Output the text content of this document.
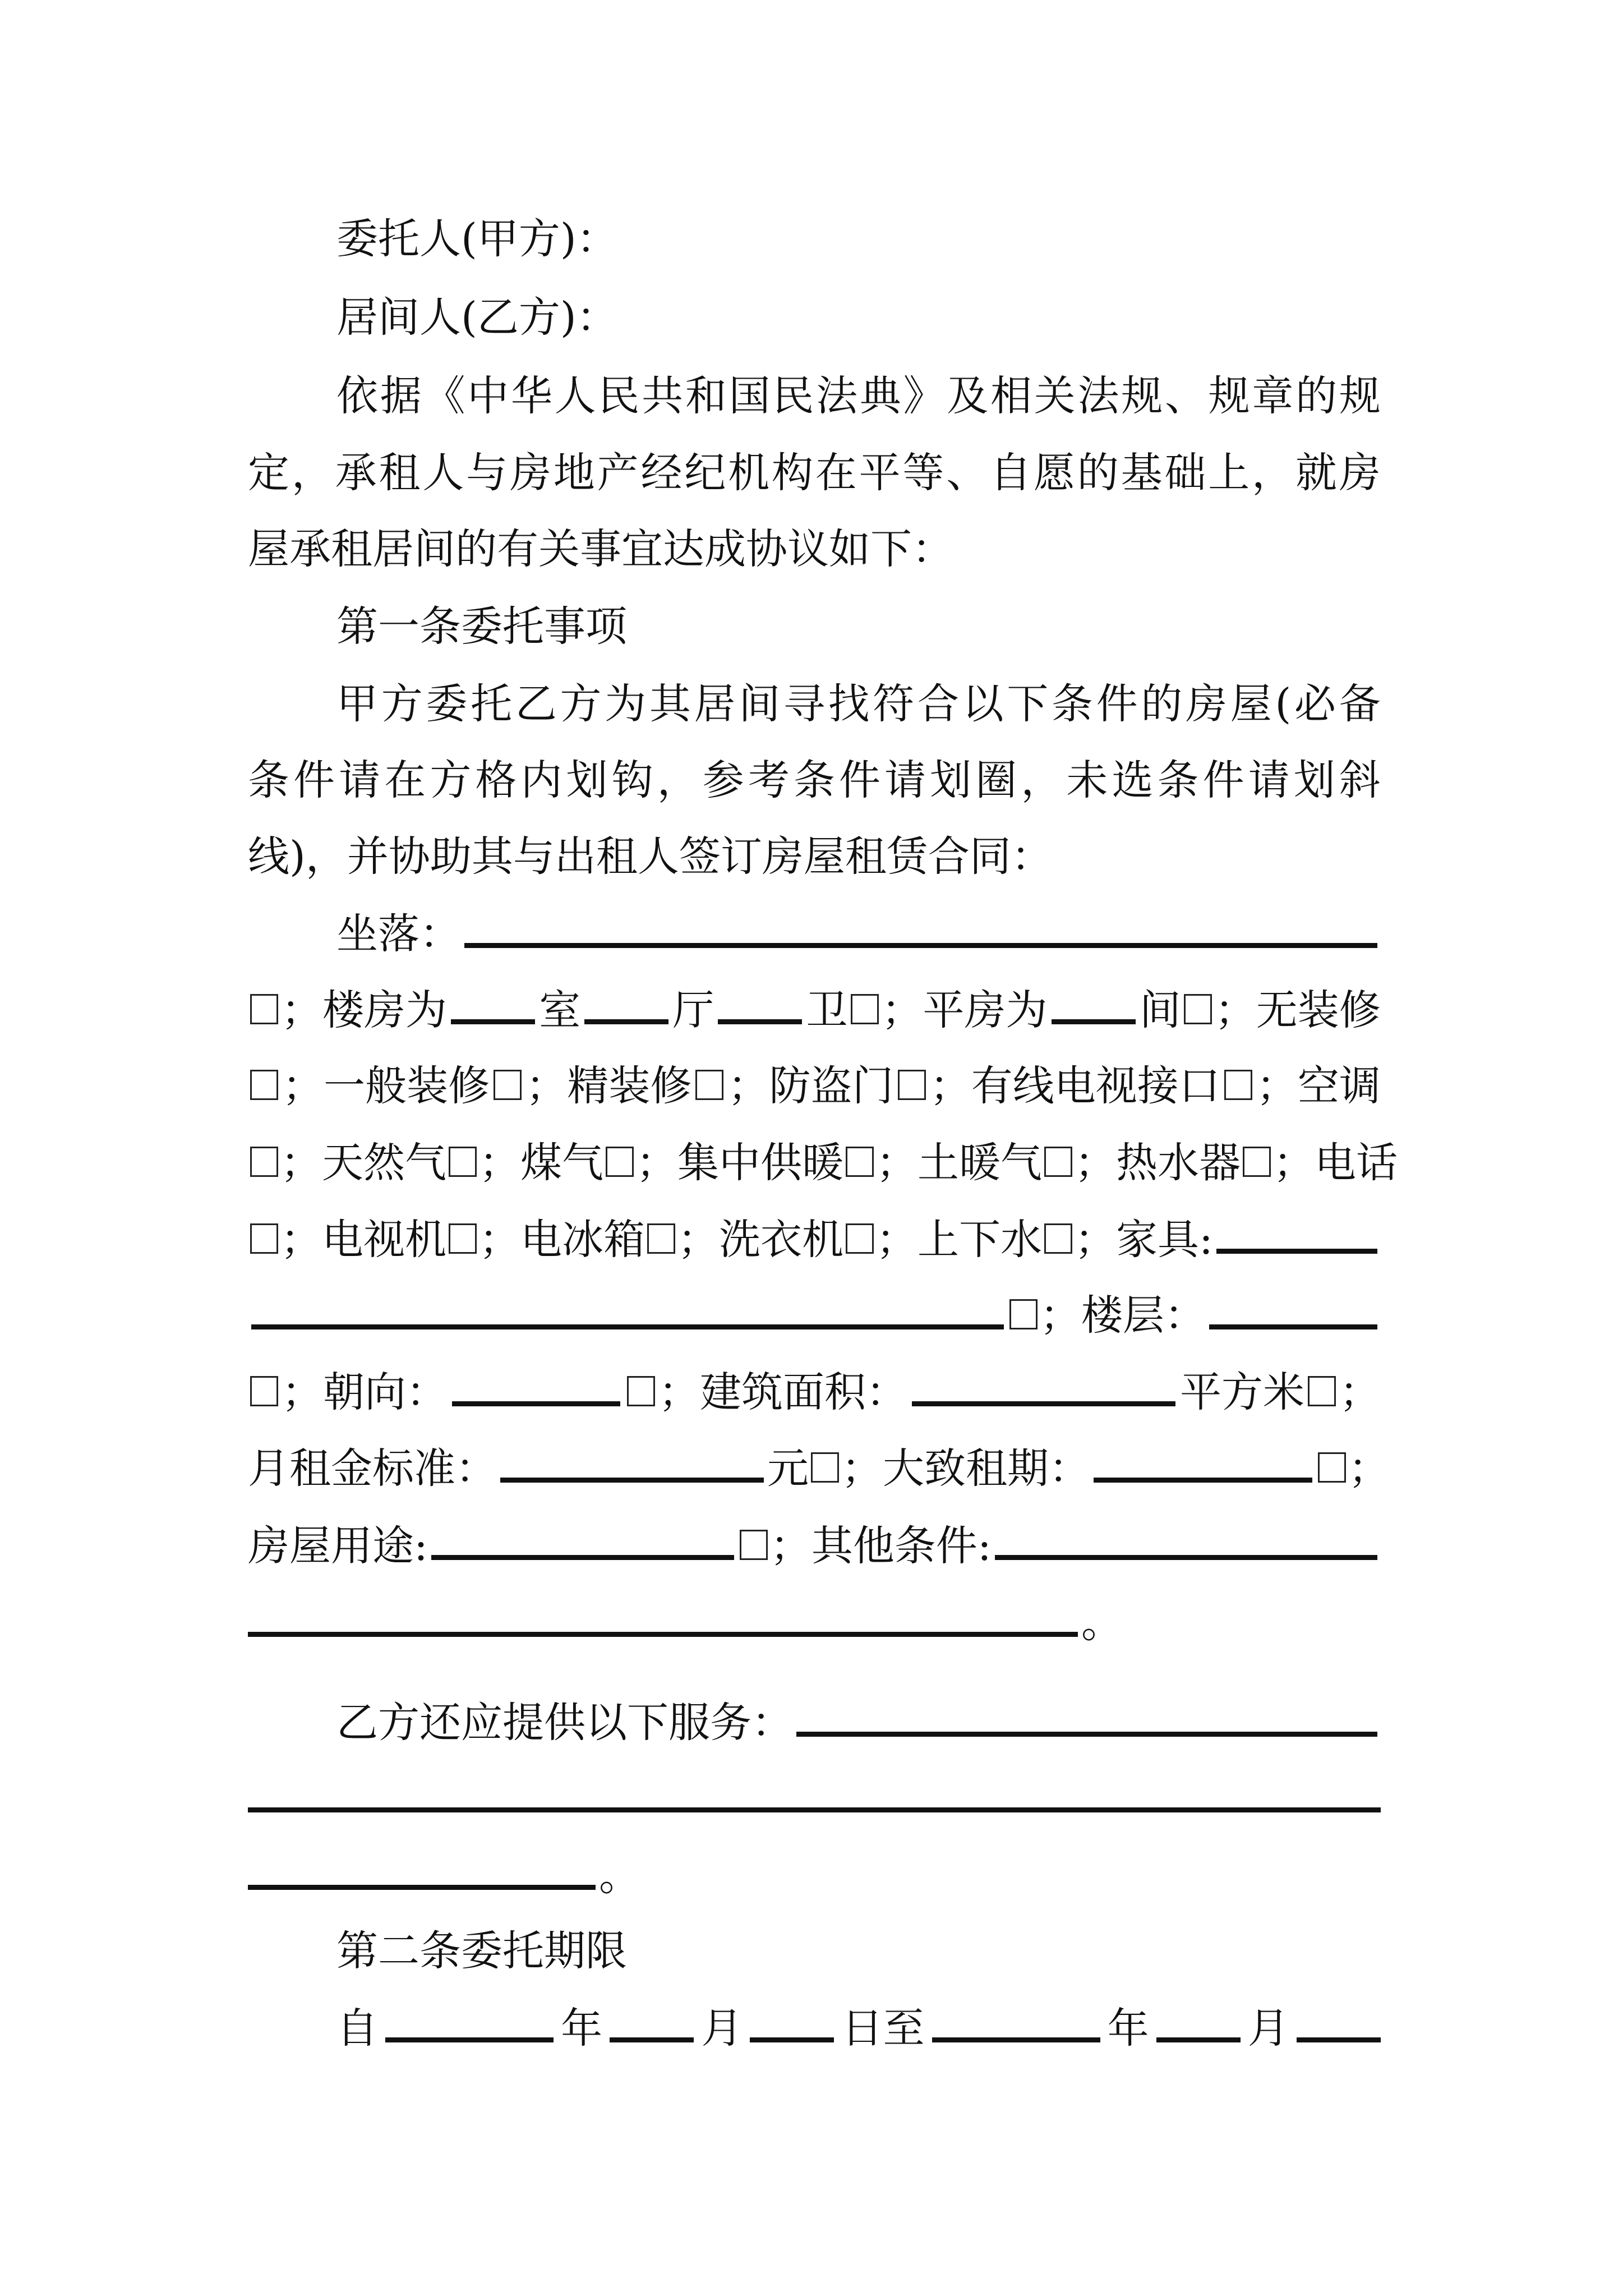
委托人(甲方)：
居间人(乙方)：
依 据 《 中 华 人 民 共 和 国 民 法 典 》 及 相 关 法 规 、 规 章 的 规
定 ， 承 租 人 与 房 地 产 经 纪 机 构 在 平 等 、 自 愿 的 基 础 上 ， 就 房
屋承租居间的有关事宜达成协议如下：
第一条委托事项
甲 方 委 托 乙 方 为 其 居 间 寻 找 符 合 以 下 条 件 的 房 屋 ( 必 备
条 件 请 在 方 格 内 划 钩 ， 参 考 条 件 请 划 圈 ， 未 选 条 件 请 划 斜
线)，并协助其与出租人签订房屋租赁合同：
坐落：
；楼房为 室 厅 卫 ；平房为 间 ；无装修
；一般装修 ；精装修 ；防盗门 ；有线电视接口 ；空调
；天然气 ；煤气 ；集中供暖 ；土暖气 ；热水器 ；电话
；电视机 ；电冰箱 ；洗衣机 ；上下水 ；家具:
；楼层：
；朝向：	；建筑面积：	平方米 ；
月租金标准：	元 ；大致租期：	；
房屋用途:	；其他条件:
。
乙方还应提供以下服务：
。
第二条委托期限
自	年 月 日至	年 月
